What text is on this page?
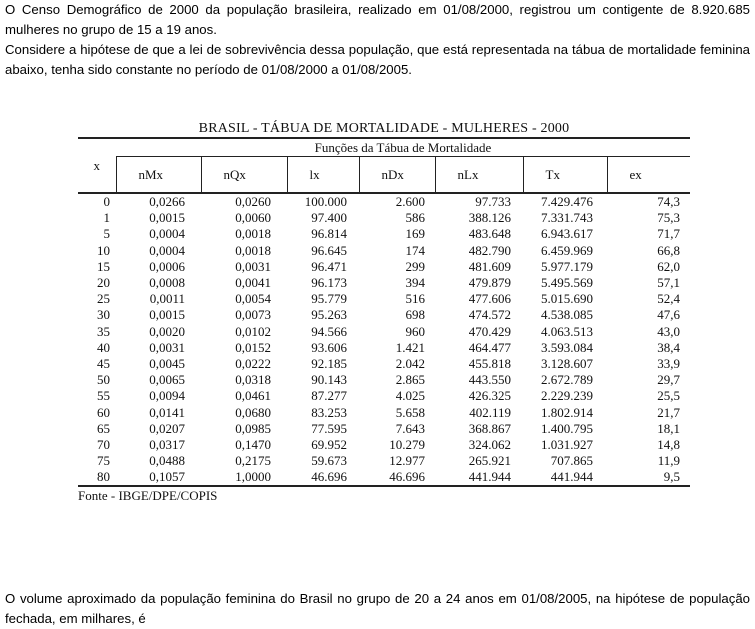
O Censo Demográfico de 2000 da população brasileira, realizado em 01/08/2000, registrou um contigente de 8.920.685 mulheres no grupo de 15 a 19 anos.

Considere a hipótese de que a lei de sobrevivência dessa população, que está representada na tábua de mortalidade feminina abaixo, tenha sido constante no período de 01/08/2000 a 01/08/2005.

BRASIL - TÁBUA DE MORTALIDADE - MULHERES - 2000
x	Funções da Tábua de Mortalidade						
	nMx	nQx	lx	nDx	nLx	Tx	ex
0	0,0266	0,0260	100.000	2.600	97.733	7.429.476	74,3
1	0,0015	0,0060	97.400	586	388.126	7.331.743	75,3
5	0,0004	0,0018	96.814	169	483.648	6.943.617	71,7
10	0,0004	0,0018	96.645	174	482.790	6.459.969	66,8
15	0,0006	0,0031	96.471	299	481.609	5.977.179	62,0
20	0,0008	0,0041	96.173	394	479.879	5.495.569	57,1
25	0,0011	0,0054	95.779	516	477.606	5.015.690	52,4
30	0,0015	0,0073	95.263	698	474.572	4.538.085	47,6
35	0,0020	0,0102	94.566	960	470.429	4.063.513	43,0
40	0,0031	0,0152	93.606	1.421	464.477	3.593.084	38,4
45	0,0045	0,0222	92.185	2.042	455.818	3.128.607	33,9
50	0,0065	0,0318	90.143	2.865	443.550	2.672.789	29,7
55	0,0094	0,0461	87.277	4.025	426.325	2.229.239	25,5
60	0,0141	0,0680	83.253	5.658	402.119	1.802.914	21,7
65	0,0207	0,0985	77.595	7.643	368.867	1.400.795	18,1
70	0,0317	0,1470	69.952	10.279	324.062	1.031.927	14,8
75	0,0488	0,2175	59.673	12.977	265.921	707.865	11,9
80	0,1057	1,0000	46.696	46.696	441.944	441.944	9,5
Fonte - IBGE/DPE/COPIS

O volume aproximado da população feminina do Brasil no grupo de 20 a 24 anos em 01/08/2005, na hipótese de população fechada, em milhares, é
